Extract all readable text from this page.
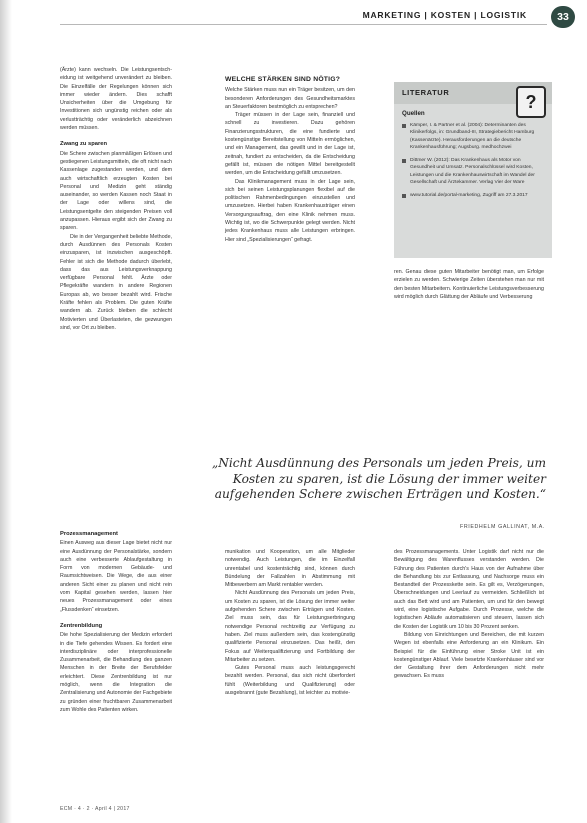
MARKETING | KOSTEN | LOGISTIK	33

(Ärzte) kann wechseln. Die Leistungsentsch-eidung ist weitgehend unverändert zu bleiben. Die Einzelfälle der Regelungen können sich immer wieder ändern. Dies schafft Unsicherheiten über die Umgebung für Investitionen sich ungünstig reichen oder als verlustträchtig oder veränderlich abzeichnen werden müssen.

Zwang zu sparen

Die Schere zwischen planmäßigen Erlösen und gestiegenen Leistungsmitteln, die oft nicht nach Kassenlage zugestanden werden, und dem auch wirtschaftlich erzeugten Kosten bei Personal und Medizin geht ständig auseinander, so werden Kassen noch Staat in der Lage oder willens sind, die Leistungsentgelte den steigenden Preisen voll anzupassen. Hieraus ergibt sich der Zwang zu sparen.

Die in der Vergangenheit beliebte Methode, durch Ausdünnen des Personals Kosten einzusparen, ist inzwischen ausgeschöpft. Fehler ist sich die Methode dadurch überlebt, dass das aus Leistungsverknappung verfügbare Personal fehlt. Ärzte oder Pflegekräfte wandern in andere Regionen Europas ab, wo besser bezahlt wird. Frische Kräfte fehlen als Problem. Die guten Kräfte wandern ab. Zurück bleiben die schlecht Motivierten und Überlasteten, die gezwungen sind, vor Ort zu bleiben.

Prozessmanagement

Einen Ausweg aus dieser Lage bietet nicht nur eine Ausdünnung der Personalstärke, sondern auch eine verbesserte Ablaufgestaltung in Form von modernen Gebäude- und Raumsichtweisen. Die Wege, die aus einer anderen Sicht einer zu planen und nicht rein vom Kapital gesehen werden, lassen hier neues Prozessmanagement oder eines „Flussdenken“ einsetzen.

Zentrenbildung

Die hohe Spezialisierung der Medizin erfordert in die Tiefe gehendes Wissen. Es fordert eine interdisziplinäre oder interprofessionelle Zusammenarbeit, die Behandlung des ganzen Menschen in der Breite der Berufsfelder erleichtert. Diese Zentrenbildung ist nur möglich, wenn die Integration die Zentralisierung und Autonomie der Fachgebiete zu gründen einer fruchtbaren Zusammenarbeit zum Wohle des Patienten wirken.

WELCHE STÄRKEN SIND NÖTIG?

Welche Stärken muss nun ein Träger besitzen, um den besonderen Anforderungen des Gesundheitsmarktes an Steuerfaktoren bestmöglich zu entsprechen?

Träger müssen in der Lage sein, finanziell und schnell zu investieren. Dazu gehören Finanzierungsstrukturen, die eine fundierte und kostengünstige Bereitstellung von Mitteln ermöglichen, und ein Management, das gewillt und in der Lage ist, zeitnah, fundiert zu entscheiden, da die Entscheidung gefällt ist, müssen die nötigen Mittel bereitgestellt werden, um die Entscheidung gefällt umzusetzen.

Das Klinikmanagement muss in der Lage sein, sich bei seinen Leistungsplanungen flexibel auf die politischen Rahmenbedingungen einzustellen und umzusetzen. Hierbei haben Krankenhausträger einen Versorgungsauftrag, den eine Klinik nehmen muss. Wichtig ist, wo die Schwerpunkte gelegt werden. Nicht jedes Krankenhaus muss alle Leistungen erbringen. Hier sind „Spezialisierungen“ gefragt.

munikation und Kooperation, um alle Mitglieder notwendig. Auch Leistungen, die im Einzelfall unrentabel und kostenträchtig sind, können durch Bündelung der Fallzahlen in Abstimmung mit Mitbewerbern am Markt rentabler werden.

Nicht Ausdünnung des Personals um jeden Preis, um Kosten zu sparen, ist die Lösung der immer weiter aufgehenden Schere zwischen Erträgen und Kosten. Ziel muss sein, das für Leistungserbringung notwendige Personal rechtzeitig zur Verfügung zu haben. Ziel muss außerdem sein, das kostengünstig qualifizierte Personal einzusetzen. Das heißt, den Fokus auf Weiterqualifizierung und Fortbildung der Mitarbeiter zu setzen.

Gutes Personal muss auch leistungsgerecht bezahlt werden. Personal, das sich nicht überfordert fühlt (Weiterbildung und Qualifizierung) oder ausgebrannt (gute Bezahlung), ist leichter zu motivie-

LITERATUR	?
Quellen
Kämper, I. & Partner et al. (2004): Determinanten des Klinikerfolgs, in: Grundband-III, Strategiebericht Hamburg (Kassenärzte). Herausforderungen an die deutsche Krankenhausführung; Augsburg. medhochzwei
Dittmer W. (2012): Das Krankenhaus als Motor von Gesundheit und Umsatz. Personalschlüssel wird Kosten, Leistungen und die Krankenhauswirtschaft im Wandel der Gesellschaft und Ärztekammer. Verlag Vier der Ware
www.tutorial.de/portal-marketing, Zugriff am 27.3.2017

ren. Genau diese guten Mitarbeiter benötigt man, um Erfolge erzielen zu werden. Schwierige Zeiten überstehen man nur mit den besten Mitarbeitern. Kontinuierliche Leistungsverbesserung wird möglich durch Glättung der Abläufe und Verbesserung

des Prozessmanagements. Unter Logistik darf nicht nur die Bewältigung des Warenflusses verstanden werden. Die Führung des Patienten durch's Haus von der Aufnahme über die Behandlung bis zur Entlassung, und Nachsorge muss ein Bestandteil der Prozesskette sein. Es gilt es, Verzögerungen, Überschneidungen und Leerlauf zu vermeiden. Schließlich ist auch das Bett wird und am Patienten, um und für den bewegt wird, eine logistische Aufgabe. Durch Prozesse, welche die logistischen Abläufe automatisieren und steuern, lassen sich die Kosten der Logistik um 10 bis 30 Prozent senken.

Bildung von Einrichtungen und Bereichen, die mit kurzen Wegen ist ebenfalls eine Anforderung an ein Klinikum. Ein Beispiel für die Einführung einer Stroke Unit ist ein kostengünstiger Ablauf. Viele besetzte Krankenhäuser sind vor der Gestaltung ihrer dem Anforderungen nicht mehr gewachsen. Es muss

„Nicht Ausdünnung des Personals um jeden Preis, um Kosten zu sparen, ist die Lösung der immer weiter aufgehenden Schere zwischen Erträgen und Kosten.“
FRIEDHELM GALLINAT, M.A.
ECM · 4 · 2 · April 4 | 2017
